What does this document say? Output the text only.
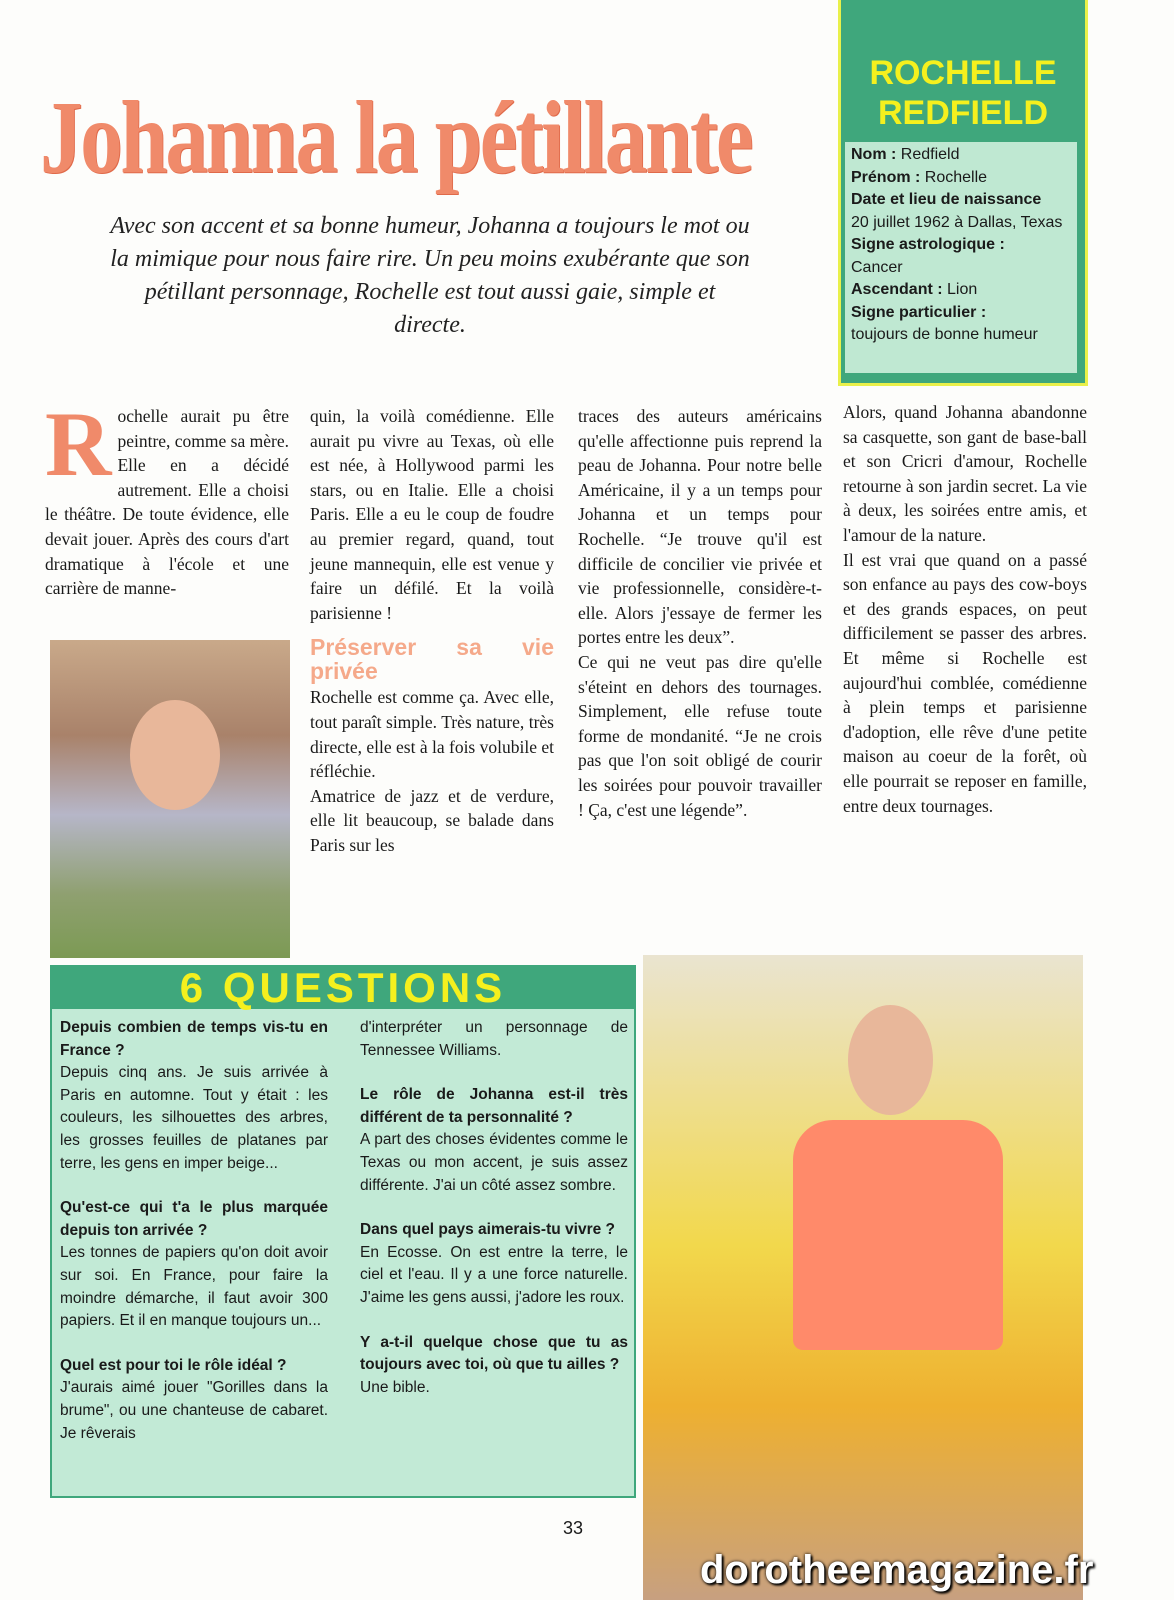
Johanna la pétillante
Avec son accent et sa bonne humeur, Johanna a toujours le mot ou la mimique pour nous faire rire. Un peu moins exubérante que son pétillant personnage, Rochelle est tout aussi gaie, simple et directe.
ROCHELLE
REDFIELD
Nom : Redfield
Prénom : Rochelle
Date et lieu de naissance
20 juillet 1962 à Dallas, Texas
Signe astrologique :
Cancer
Ascendant : Lion
Signe particulier :
toujours de bonne humeur
R ochelle aurait pu être peintre, comme sa mère. Elle en a décidé autrement. Elle a choisi le théâtre. De toute évidence, elle devait jouer. Après des cours d'art dramatique à l'école et une carrière de manne-

quin, la voilà comédienne. Elle aurait pu vivre au Texas, où elle est née, à Hollywood parmi les stars, ou en Italie. Elle a choisi Paris. Elle a eu le coup de foudre au premier regard, quand, tout jeune mannequin, elle est venue y faire un défilé. Et la voilà parisienne !

Préserver sa vie privée

Rochelle est comme ça. Avec elle, tout paraît simple. Très nature, très directe, elle est à la fois volubile et réfléchie.

Amatrice de jazz et de verdure, elle lit beaucoup, se balade dans Paris sur les

traces des auteurs américains qu'elle affectionne puis reprend la peau de Johanna. Pour notre belle Américaine, il y a un temps pour Johanna et un temps pour Rochelle. “Je trouve qu'il est difficile de concilier vie privée et vie professionnelle, considère-t-elle. Alors j'essaye de fermer les portes entre les deux”.

Ce qui ne veut pas dire qu'elle s'éteint en dehors des tournages. Simplement, elle refuse toute forme de mondanité. “Je ne crois pas que l'on soit obligé de courir les soirées pour pouvoir travailler ! Ça, c'est une légende”.

Alors, quand Johanna abandonne sa casquette, son gant de base-ball et son Cricri d'amour, Rochelle retourne à son jardin secret. La vie à deux, les soirées entre amis, et l'amour de la nature.

Il est vrai que quand on a passé son enfance au pays des cow-boys et des grands espaces, on peut difficilement se passer des arbres. Et même si Rochelle est aujourd'hui comblée, comédienne à plein temps et parisienne d'adoption, elle rêve d'une petite maison au coeur de la forêt, où elle pourrait se reposer en famille, entre deux tournages.

6 QUESTIONS
Depuis combien de temps vis-tu en France ?
Depuis cinq ans. Je suis arrivée à Paris en automne. Tout y était : les couleurs, les silhouettes des arbres, les grosses feuilles de platanes par terre, les gens en imper beige...
Qu'est-ce qui t'a le plus marquée depuis ton arrivée ?
Les tonnes de papiers qu'on doit avoir sur soi. En France, pour faire la moindre démarche, il faut avoir 300 papiers. Et il en manque toujours un...
Quel est pour toi le rôle idéal ?
J'aurais aimé jouer "Gorilles dans la brume", ou une chanteuse de cabaret. Je rêverais
d'interpréter un personnage de Tennessee Williams.
Le rôle de Johanna est-il très différent de ta personnalité ?
A part des choses évidentes comme le Texas ou mon accent, je suis assez différente. J'ai un côté assez sombre.
Dans quel pays aimerais-tu vivre ?
En Ecosse. On est entre la terre, le ciel et l'eau. Il y a une force naturelle. J'aime les gens aussi, j'adore les roux.
Y a-t-il quelque chose que tu as toujours avec toi, où que tu ailles ?
Une bible.
33
dorotheemagazine.fr
